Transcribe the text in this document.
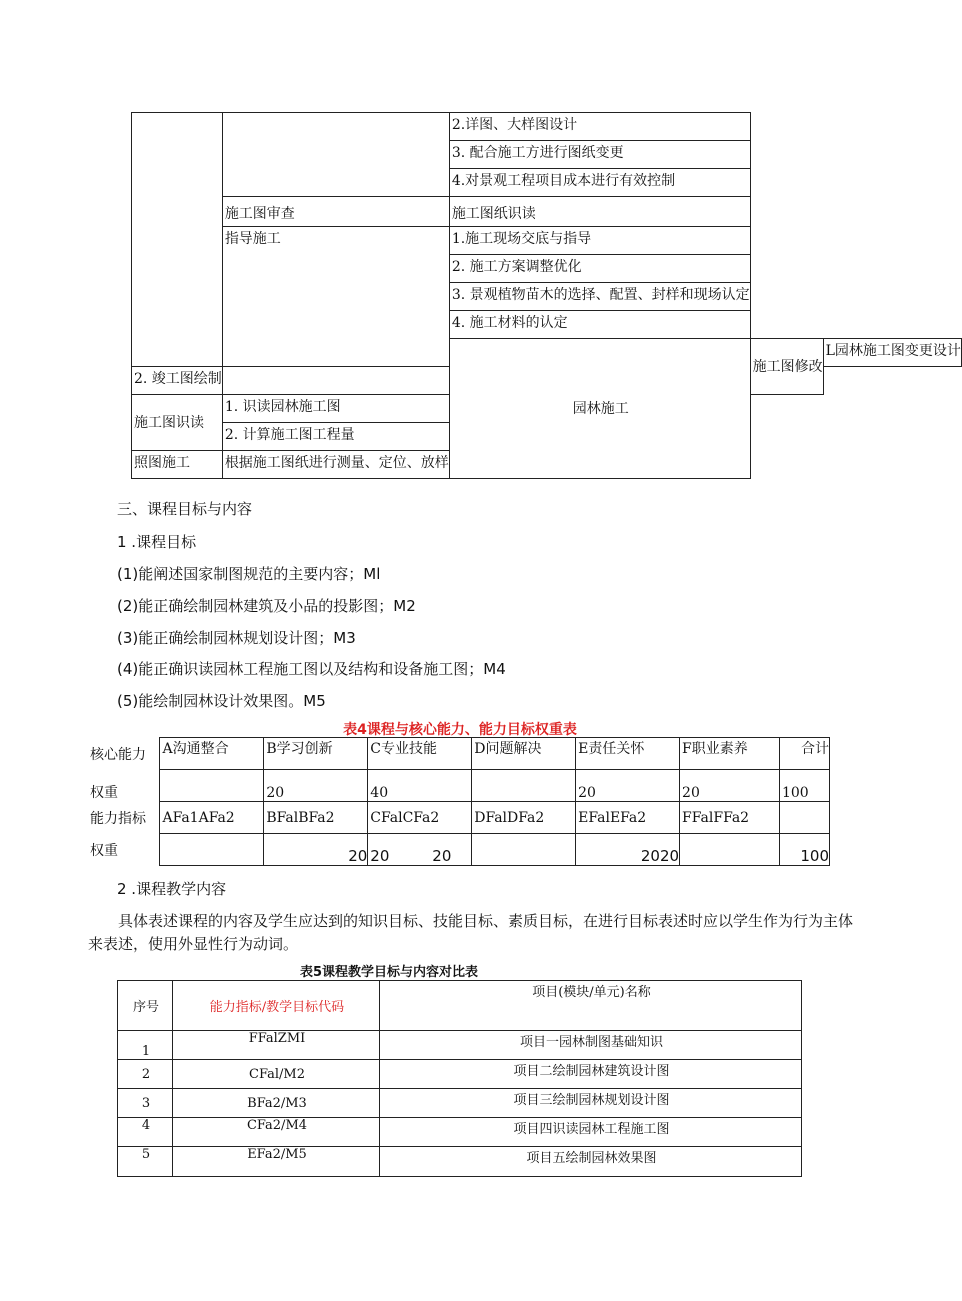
		2.详图、大样图设计		
		3. 配合施工方进行图纸变更		
		4.对景观工程项目成本进行有效控制		
	施工图审查	施工图纸识读		
	指导施工	1.施工现场交底与指导		
		2. 施工方案调整优化		
		3. 景观植物苗木的选择、配置、封样和现场认定		
		4. 施工材料的认定		
		园林施工	施工图修改	L园林施工图变更设计
2. 竣工图绘制				
施工图识读	1. 识读园林施工图			
	2. 计算施工图工程量			
照图施工	根据施工图纸进行测量、定位、放样			
三、课程目标与内容
1 .课程目标
(1)能阐述国家制图规范的主要内容；Ml
(2)能正确绘制园林建筑及小品的投影图；M2
(3)能正确绘制园林规划设计图；M3
(4)能正确识读园林工程施工图以及结构和设备施工图；M4
(5)能绘制园林设计效果图。M5
表4课程与核心能力、能力目标权重表
核心能力	A沟通整合	B学习创新	C专业技能	D问题解决	E责任关怀	F职业素养	合计
权重		20	40		20	20	100
能力指标	AFa1AFa2	BFalBFa2	CFalCFa2	DFalDFa2	EFalEFa2	FFalFFa2	
权重		20	20         20		2020		100
2 .课程教学内容
具体表述课程的内容及学生应达到的知识目标、技能目标、素质目标，在进行目标表述时应以学生作为行为主体来表述，使用外显性行为动词。
表5课程教学目标与内容对比表
序号	能力指标/教学目标代码	项目(模块/单元)名称
1	FFalZMI	项目一园林制图基础知识
2	CFal/M2	项目二绘制园林建筑设计图
3	BFa2/M3	项目三绘制园林规划设计图
4	CFa2/M4	项目四识读园林工程施工图
5	EFa2/M5	项目五绘制园林效果图
